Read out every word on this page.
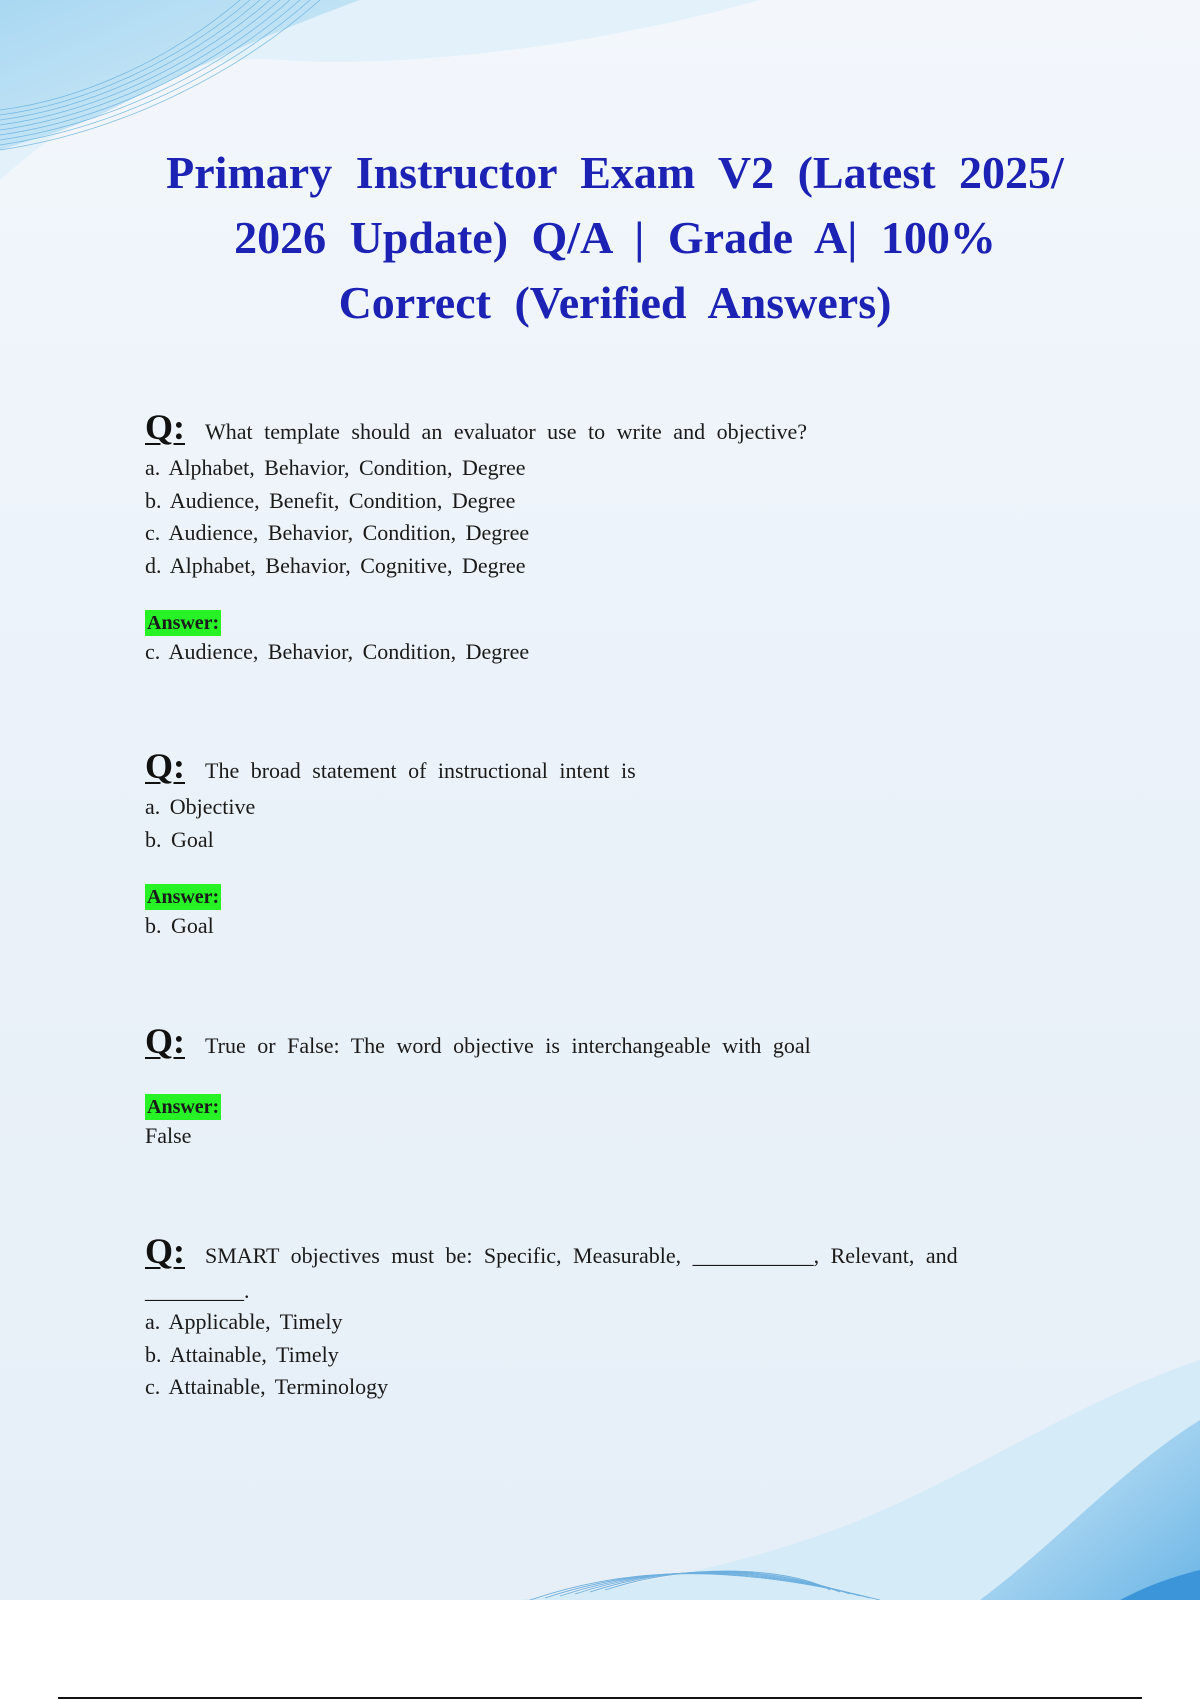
Primary Instructor Exam V2 (Latest 2025/ 2026 Update) Q/A | Grade A| 100% Correct (Verified Answers)
Q: What template should an evaluator use to write and objective?
a. Alphabet, Behavior, Condition, Degree
b. Audience, Benefit, Condition, Degree
c. Audience, Behavior, Condition, Degree
d. Alphabet, Behavior, Cognitive, Degree
Answer:
c. Audience, Behavior, Condition, Degree
Q: The broad statement of instructional intent is
a. Objective
b. Goal
Answer:
b. Goal
Q: True or False: The word objective is interchangeable with goal
Answer:
False
Q: SMART objectives must be: Specific, Measurable, ___________, Relevant, and
_________.
a. Applicable, Timely
b. Attainable, Timely
c. Attainable, Terminology
